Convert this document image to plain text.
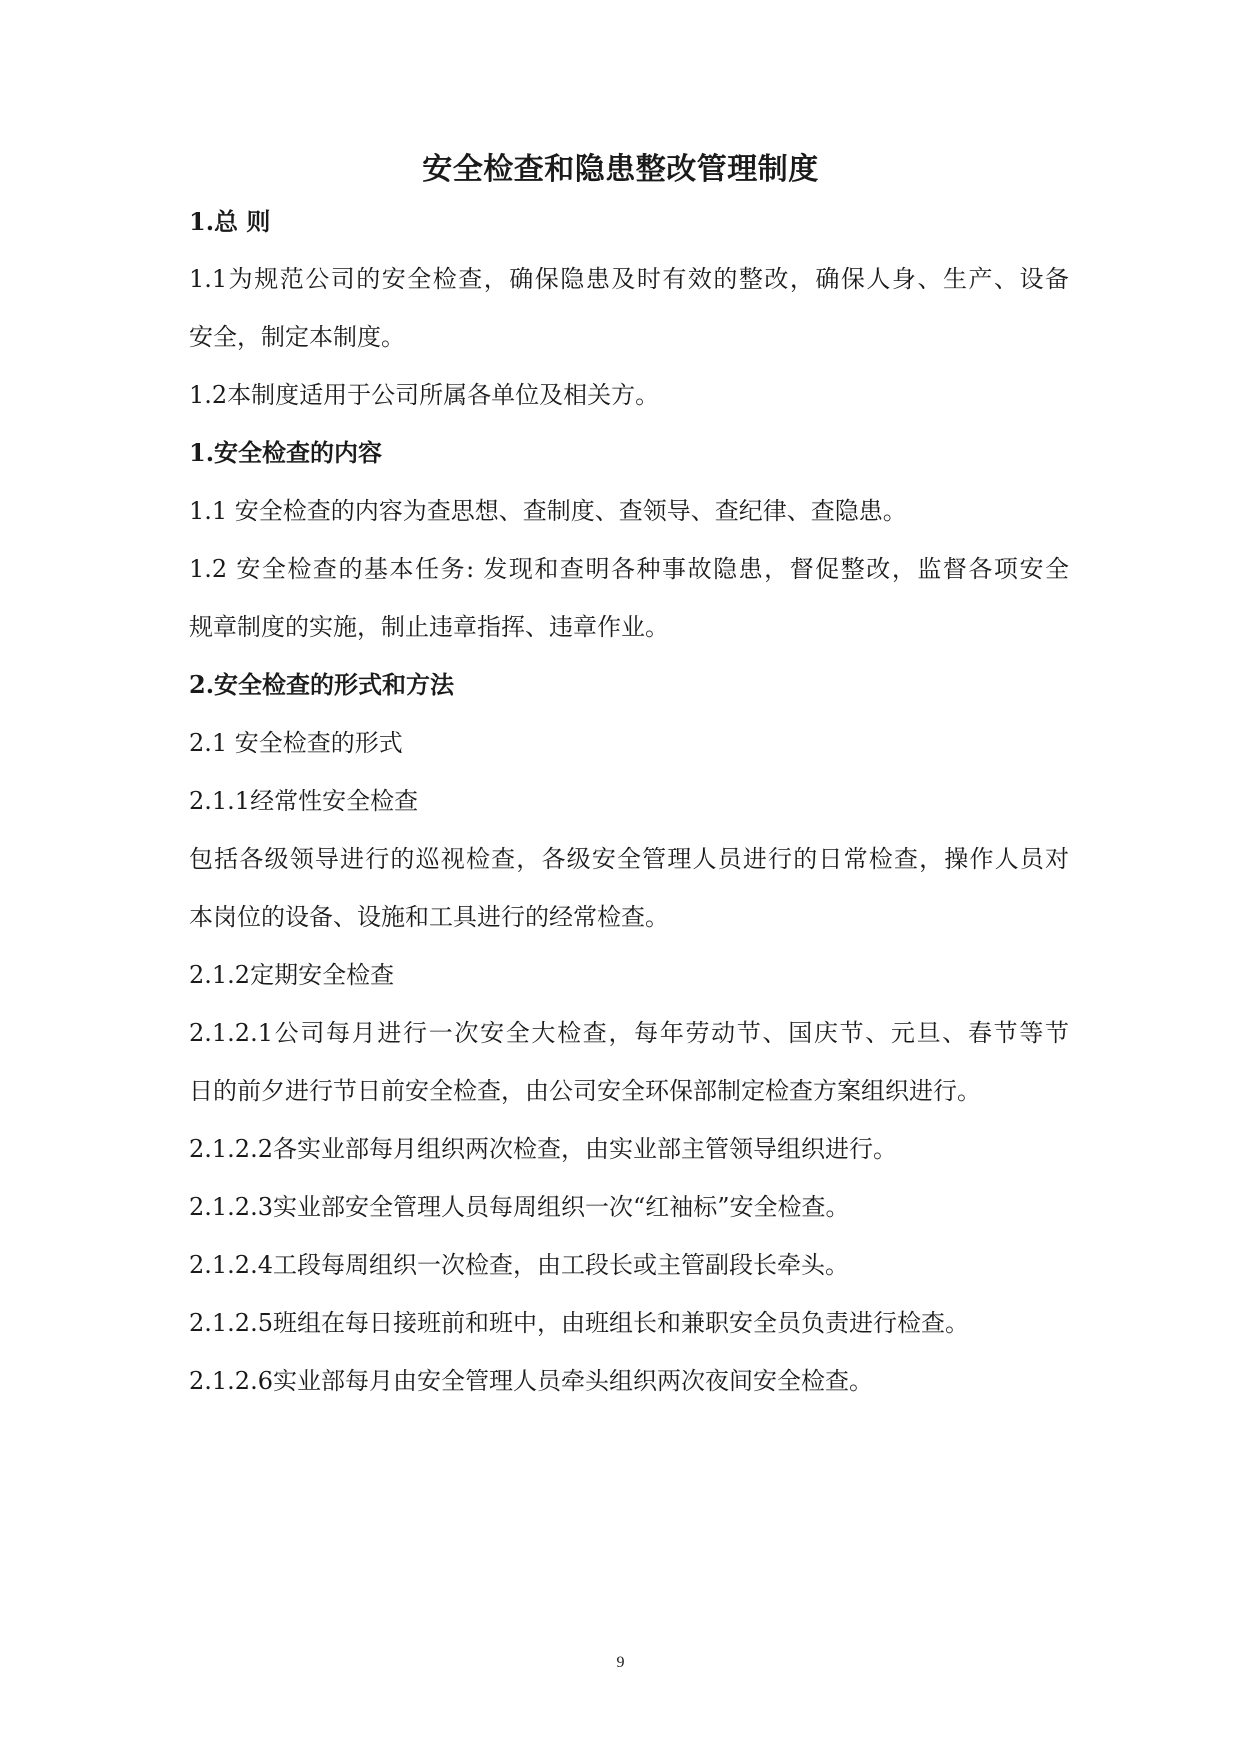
安全检查和隐患整改管理制度
1.总 则
1.1为规范公司的安全检查，确保隐患及时有效的整改，确保人身、生产、设备
安全，制定本制度。
1.2本制度适用于公司所属各单位及相关方。
1.安全检查的内容
1.1 安全检查的内容为查思想、查制度、查领导、查纪律、查隐患。
1.2 安全检查的基本任务: 发现和查明各种事故隐患，督促整改，监督各项安全
规章制度的实施，制止违章指挥、违章作业。
2.安全检查的形式和方法
2.1 安全检查的形式
2.1.1经常性安全检查
包括各级领导进行的巡视检查，各级安全管理人员进行的日常检查，操作人员对
本岗位的设备、设施和工具进行的经常检查。
2.1.2定期安全检查
2.1.2.1公司每月进行一次安全大检查，每年劳动节、国庆节、元旦、春节等节
日的前夕进行节日前安全检查，由公司安全环保部制定检查方案组织进行。
2.1.2.2各实业部每月组织两次检查，由实业部主管领导组织进行。
2.1.2.3实业部安全管理人员每周组织一次“红袖标”安全检查。
2.1.2.4工段每周组织一次检查，由工段长或主管副段长牵头。
2.1.2.5班组在每日接班前和班中，由班组长和兼职安全员负责进行检查。
2.1.2.6实业部每月由安全管理人员牵头组织两次夜间安全检查。
9
